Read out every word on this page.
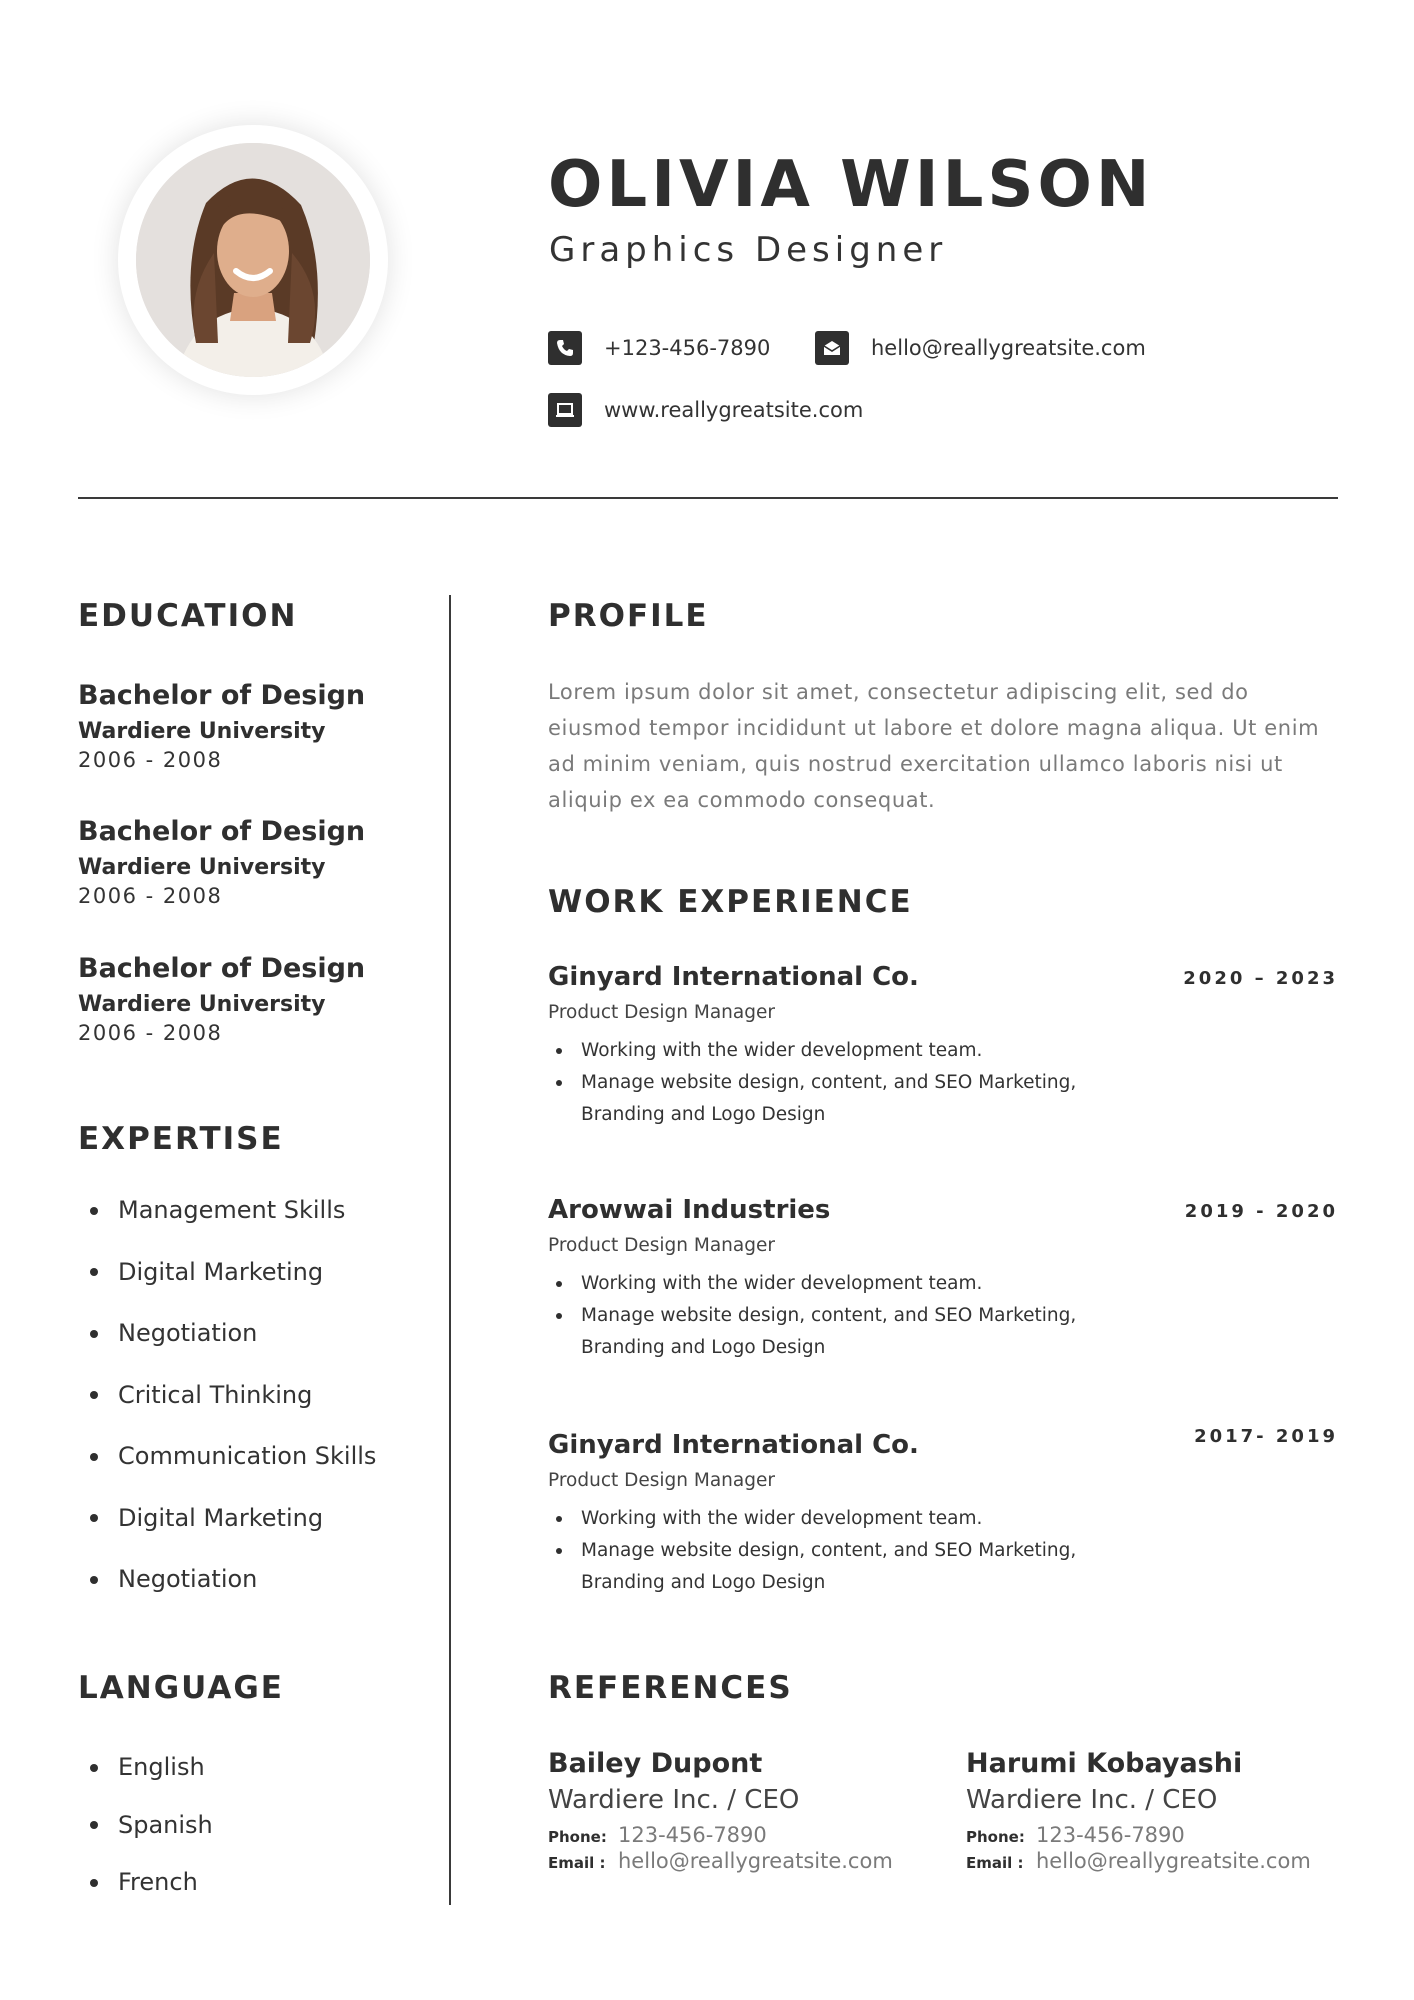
OLIVIA WILSON
Graphics Designer
+123-456-7890	hello@reallygreatsite.com
www.reallygreatsite.com
EDUCATION
Bachelor of Design
Wardiere University
2006 - 2008
Bachelor of Design
Wardiere University
2006 - 2008
Bachelor of Design
Wardiere University
2006 - 2008
EXPERTISE
Management Skills
Digital Marketing
Negotiation
Critical Thinking
Communication Skills
Digital Marketing
Negotiation
LANGUAGE
English
Spanish
French
PROFILE
Lorem ipsum dolor sit amet, consectetur adipiscing elit, sed do eiusmod tempor incididunt ut labore et dolore magna aliqua. Ut enim ad minim veniam, quis nostrud exercitation ullamco laboris nisi ut aliquip ex ea commodo consequat.
WORK EXPERIENCE
Ginyard International Co.	2020 – 2023
Product Design Manager
Working with the wider development team.
Manage website design, content, and SEO Marketing, Branding and Logo Design
Arowwai Industries	2019 - 2020
Product Design Manager
Working with the wider development team.
Manage website design, content, and SEO Marketing, Branding and Logo Design
Ginyard International Co.	2017- 2019
Product Design Manager
Working with the wider development team.
Manage website design, content, and SEO Marketing, Branding and Logo Design
REFERENCES
Bailey Dupont
Wardiere Inc. / CEO
Phone: 123-456-7890
Email : hello@reallygreatsite.com
Harumi Kobayashi
Wardiere Inc. / CEO
Phone: 123-456-7890
Email : hello@reallygreatsite.com
